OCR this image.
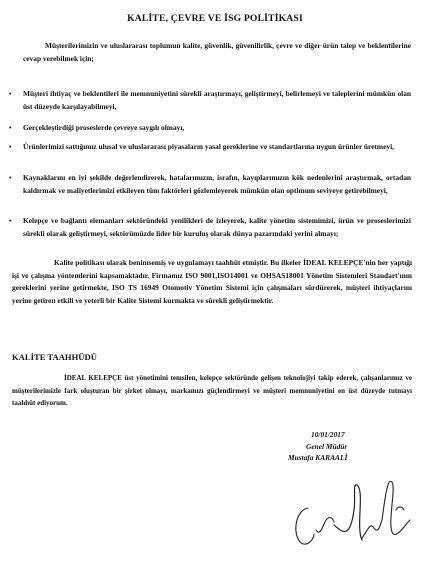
KALİTE, ÇEVRE VE İSG POLİTİKASI
Müşterilerimizin ve uluslararası toplumun kalite, güvenlik, güvenilirlik, çevre ve diğer ürün talep ve beklentilerine cevap verebilmek için;
• Müşteri ihtiyaç ve beklentileri ile memnuniyetini sürekli araştırmayı, geliştirmeyi, belirlemeyi ve taleplerini mümkün olan üst düzeyde karşılayabilmeyi,
• Gerçekleştirdiği proseslerde çevreye saygılı olmayı,
• Ürünlerimizi sattığımız ulusal ve uluslararası piyasaların yasal gereklerine ve standartlarına uygun ürünler üretmeyi,
• Kaynaklarını en iyi şekilde değerlendirerek, hatalarımızın, israfın, kayıplarımızın kök nedenlerini araştırmak, ortadan kaldırmak ve maliyetlerimizi etkileyen tüm faktörleri gözlemleyerek mümkün olan optimum seviyeye getirebilmeyi,
• Kelepçe ve bağlantı elemanları sektöründeki yenilikleri de izleyerek, kalite yönetim sistemimizi, ürün ve proseslerimizi sürekli olarak geliştirmeyi, sektörümüzde lider bir kuruluş olarak dünya pazarındaki yerini almayı;
Kalite politikası olarak benimsemiş ve uygulamayı taahhüt etmiştir. Bu ilkeler İDEAL KELEPÇE'nin her yaptığı işi ve çalışma yöntemlerini kapsamaktadır. Firmamız ISO 9001,ISO14001 ve OHSAS18001 Yönetim Sistemleri Standart'ının gereklerini yerine getirmekte, ISO TS 16949 Otomotiv Yönetim Sistemi için çalışmaları sürdürerek, müşteri ihtiyaçlarını yerine getiren etkili ve yeterli bir Kalite Sistemi kurmakta ve sürekli geliştirmektir.
KALİTE TAAHHÜDÜ
İDEAL KELEPÇE üst yönetimini temsilen, kelepçe sektöründe gelişen teknolojiyi takip ederek, çalışanlarımız ve müşterilerimizle fark oluşturan bir şirket olmayı, markamızı güçlendirmeyi ve müşteri memnuniyetini en üst düzeyde tutmayı taahhüt ediyorum.
10/01/2017
Genel Müdür
Mustafa KARAALİ
